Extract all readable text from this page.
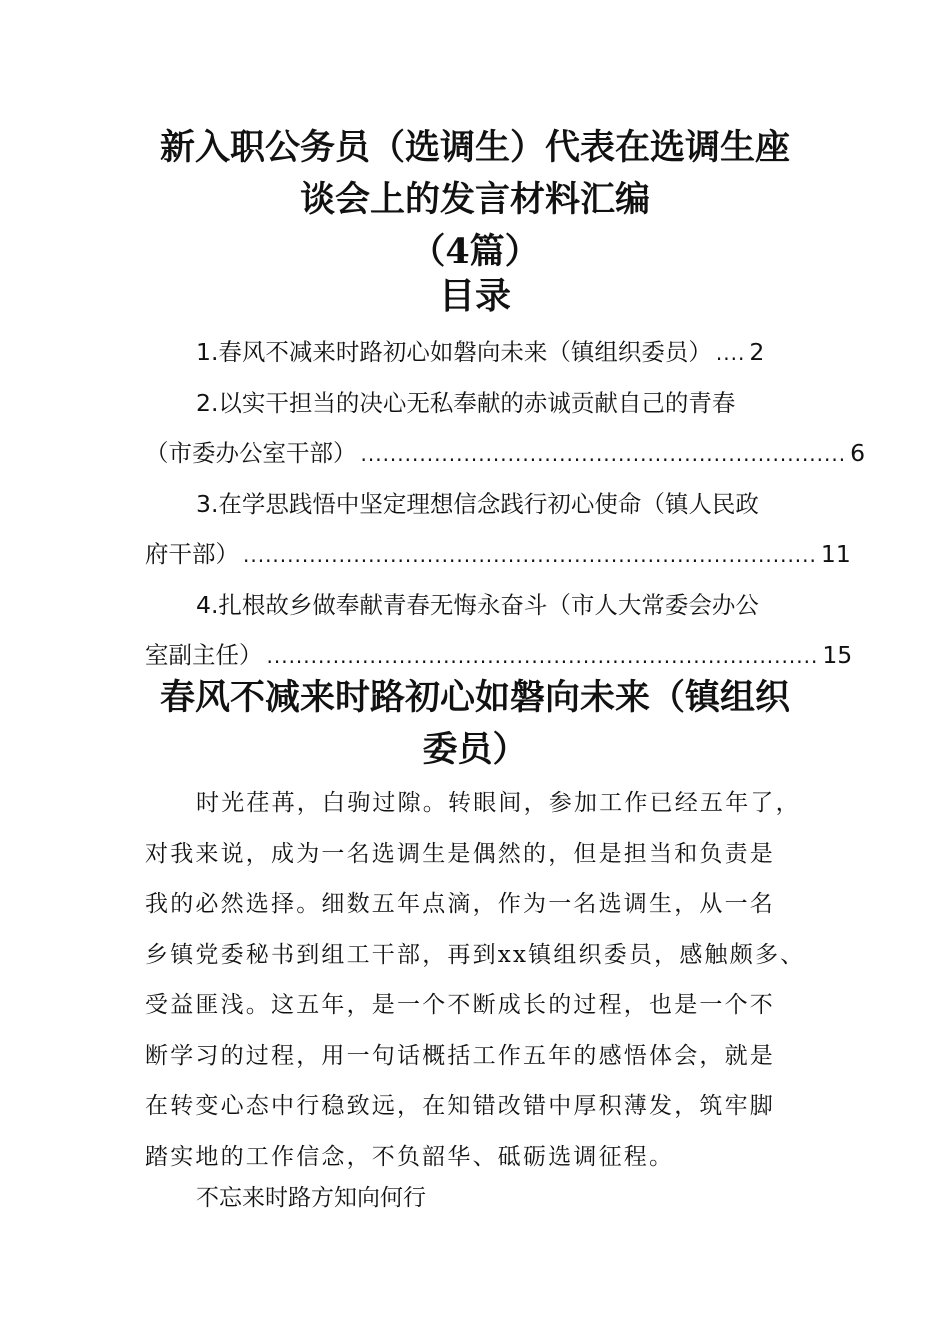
新入职公务员（选调生）代表在选调生座
谈会上的发言材料汇编
（4篇）
目录
1.春风不减来时路初心如磐向未来（镇组织委员） .... 2
2.以实干担当的决心无私奉献的赤诚贡献自己的青春
（市委办公室干部） .................................................................. 6
3.在学思践悟中坚定理想信念践行初心使命（镇人民政
府干部） .............................................................................. 11
4.扎根故乡做奉献青春无悔永奋斗（市人大常委会办公
室副主任） ........................................................................... 15
春风不减来时路初心如磐向未来（镇组织
委员）
时光荏苒，白驹过隙。转眼间，参加工作已经五年了，
对我来说，成为一名选调生是偶然的，但是担当和负责是
我的必然选择。细数五年点滴，作为一名选调生，从一名
乡镇党委秘书到组工干部，再到xx镇组织委员，感触颇多、
受益匪浅。这五年，是一个不断成长的过程，也是一个不
断学习的过程，用一句话概括工作五年的感悟体会，就是
在转变心态中行稳致远，在知错改错中厚积薄发，筑牢脚
踏实地的工作信念，不负韶华、砥砺选调征程。
不忘来时路方知向何行
